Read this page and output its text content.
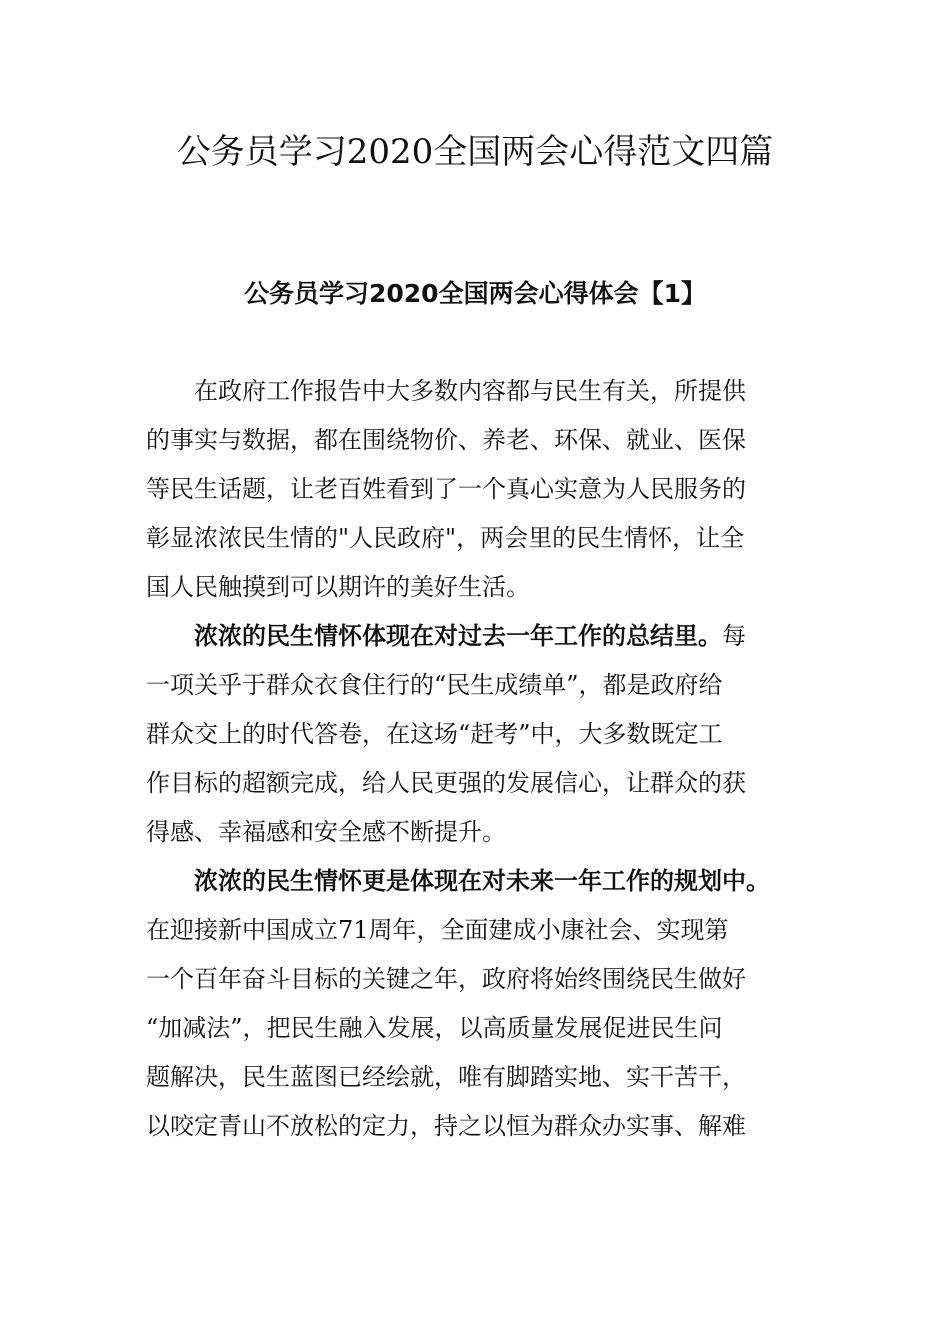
公务员学习2020全国两会心得范文四篇
公务员学习2020全国两会心得体会【1】
在政府工作报告中大多数内容都与民生有关，所提供
的事实与数据，都在围绕物价、养老、环保、就业、医保
等民生话题，让老百姓看到了一个真心实意为人民服务的
彰显浓浓民生情的"人民政府"，两会里的民生情怀，让全
国人民触摸到可以期许的美好生活。
浓浓的民生情怀体现在对过去一年工作的总结里。每
一项关乎于群众衣食住行的“民生成绩单”，都是政府给
群众交上的时代答卷，在这场“赶考”中，大多数既定工
作目标的超额完成，给人民更强的发展信心，让群众的获
得感、幸福感和安全感不断提升。
浓浓的民生情怀更是体现在对未来一年工作的规划中。
在迎接新中国成立71周年，全面建成小康社会、实现第
一个百年奋斗目标的关键之年，政府将始终围绕民生做好
“加减法”，把民生融入发展，以高质量发展促进民生问
题解决，民生蓝图已经绘就，唯有脚踏实地、实干苦干，
以咬定青山不放松的定力，持之以恒为群众办实事、解难
